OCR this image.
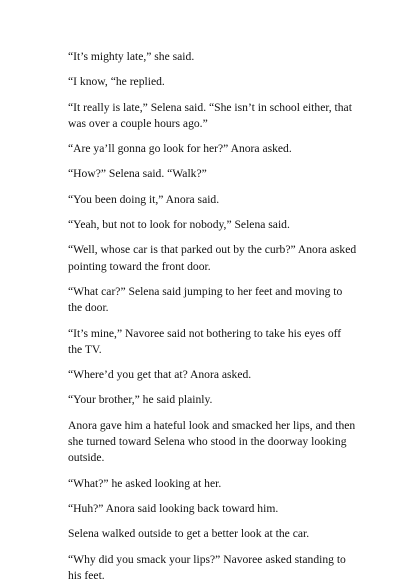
“It’s mighty late,” she said.

“I know, “he replied.

“It really is late,” Selena said. “She isn’t in school either, that was over a couple hours ago.”

“Are ya’ll gonna go look for her?” Anora asked.

“How?” Selena said. “Walk?”

“You been doing it,” Anora said.

“Yeah, but not to look for nobody,” Selena said.

“Well, whose car is that parked out by the curb?” Anora asked pointing toward the front door.

“What car?” Selena said jumping to her feet and moving to the door.

“It’s mine,” Navoree said not bothering to take his eyes off the TV.

“Where’d you get that at? Anora asked.

“Your brother,” he said plainly.

Anora gave him a hateful look and smacked her lips, and then she turned toward Selena who stood in the doorway looking outside.

“What?” he asked looking at her.

“Huh?” Anora said looking back toward him.

Selena walked outside to get a better look at the car.

“Why did you smack your lips?” Navoree asked standing to his feet.
